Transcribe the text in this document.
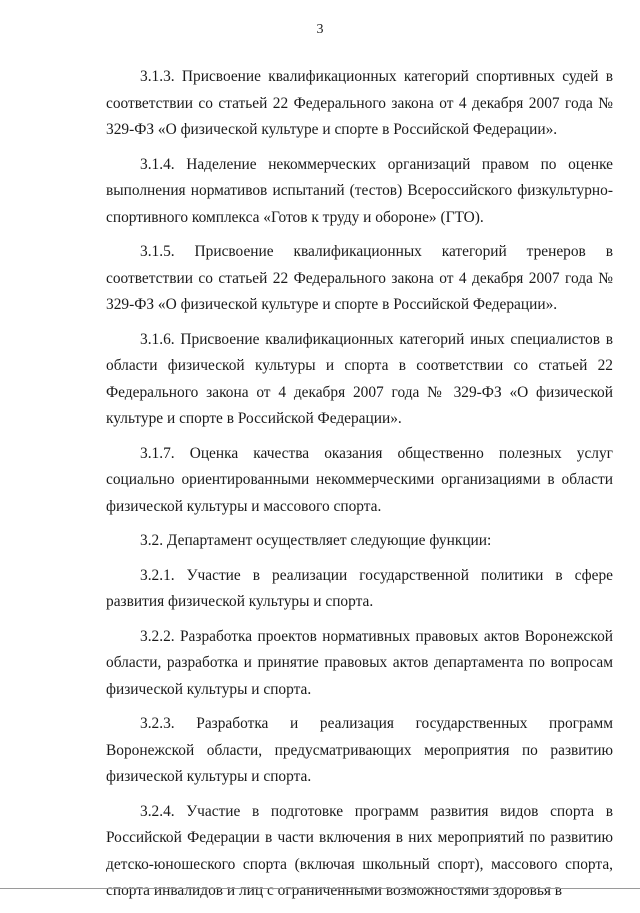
3

3.1.3. Присвоение квалификационных категорий спортивных судей в соответствии со статьей 22 Федерального закона от 4 декабря 2007 года № 329-ФЗ «О физической культуре и спорте в Российской Федерации».

3.1.4. Наделение некоммерческих организаций правом по оценке выполнения нормативов испытаний (тестов) Всероссийского физкультурно-спортивного комплекса «Готов к труду и обороне» (ГТО).

3.1.5. Присвоение квалификационных категорий тренеров в соответствии со статьей 22 Федерального закона от 4 декабря 2007 года № 329-ФЗ «О физической культуре и спорте в Российской Федерации».

3.1.6. Присвоение квалификационных категорий иных специалистов в области физической культуры и спорта в соответствии со статьей 22 Федерального закона от 4 декабря 2007 года № 329-ФЗ «О физической культуре и спорте в Российской Федерации».

3.1.7. Оценка качества оказания общественно полезных услуг социально ориентированными некоммерческими организациями в области физической культуры и массового спорта.

3.2. Департамент осуществляет следующие функции:

3.2.1. Участие в реализации государственной политики в сфере развития физической культуры и спорта.

3.2.2. Разработка проектов нормативных правовых актов Воронежской области, разработка и принятие правовых актов департамента по вопросам физической культуры и спорта.

3.2.3. Разработка и реализация государственных программ Воронежской области, предусматривающих мероприятия по развитию физической культуры и спорта.

3.2.4. Участие в подготовке программ развития видов спорта в Российской Федерации в части включения в них мероприятий по развитию детско-юношеского спорта (включая школьный спорт), массового спорта, спорта инвалидов и лиц с ограниченными возможностями здоровья в
